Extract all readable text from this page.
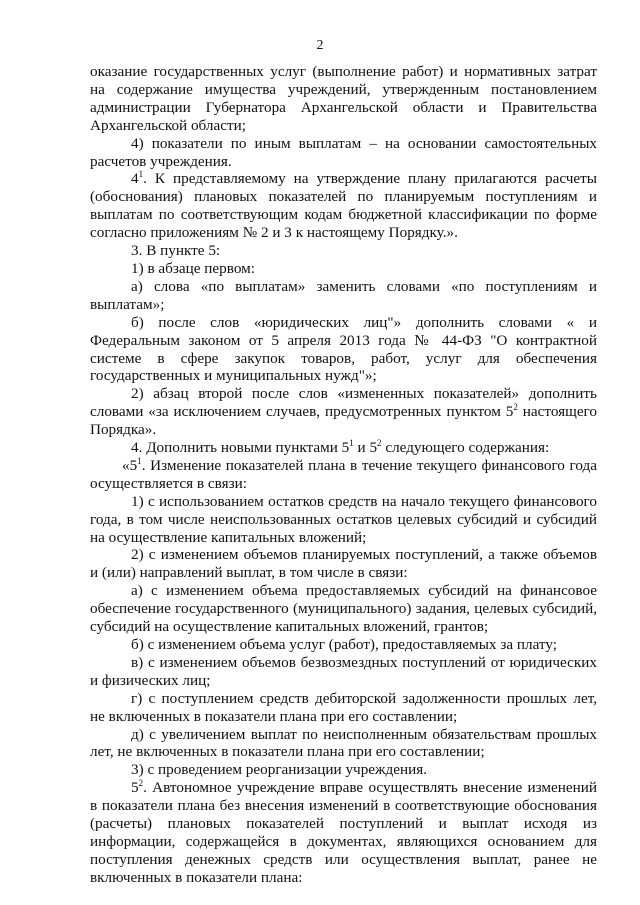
2

оказание государственных услуг (выполнение работ) и нормативных затрат на содержание имущества учреждений, утвержденным постановлением администрации Губернатора Архангельской области и Правительства Архангельской области;

4) показатели по иным выплатам – на основании самостоятельных расчетов учреждения.

$4^1$. К представляемому на утверждение плану прилагаются расчеты (обоснования) плановых показателей по планируемым поступлениям и выплатам по соответствующим кодам бюджетной классификации по форме согласно приложениям № 2 и 3 к настоящему Порядку.».

3. В пункте 5:

1) в абзаце первом:

а) слова «по выплатам» заменить словами «по поступлениям и выплатам»;

б) после слов «юридических лиц"» дополнить словами « и Федеральным законом от 5 апреля 2013 года № 44-ФЗ "О контрактной системе в сфере закупок товаров, работ, услуг для обеспечения государственных и муниципальных нужд"»;

2) абзац второй после слов «измененных показателей» дополнить словами «за исключением случаев, предусмотренных пунктом $5^2$ настоящего Порядка».

4. Дополнить новыми пунктами $5^1$ и $5^2$ следующего содержания:

«$5^1$. Изменение показателей плана в течение текущего финансового года осуществляется в связи:

1) с использованием остатков средств на начало текущего финансового года, в том числе неиспользованных остатков целевых субсидий и субсидий на осуществление капитальных вложений;

2) с изменением объемов планируемых поступлений, а также объемов и (или) направлений выплат, в том числе в связи:

а) с изменением объема предоставляемых субсидий на финансовое обеспечение государственного (муниципального) задания, целевых субсидий, субсидий на осуществление капитальных вложений, грантов;

б) с изменением объема услуг (работ), предоставляемых за плату;

в) с изменением объемов безвозмездных поступлений от юридических и физических лиц;

г) с поступлением средств дебиторской задолженности прошлых лет, не включенных в показатели плана при его составлении;

д) с увеличением выплат по неисполненным обязательствам прошлых лет, не включенных в показатели плана при его составлении;

3) с проведением реорганизации учреждения.

$5^2$. Автономное учреждение вправе осуществлять внесение изменений в показатели плана без внесения изменений в соответствующие обоснования (расчеты) плановых показателей поступлений и выплат исходя из информации, содержащейся в документах, являющихся основанием для поступления денежных средств или осуществления выплат, ранее не включенных в показатели плана:
